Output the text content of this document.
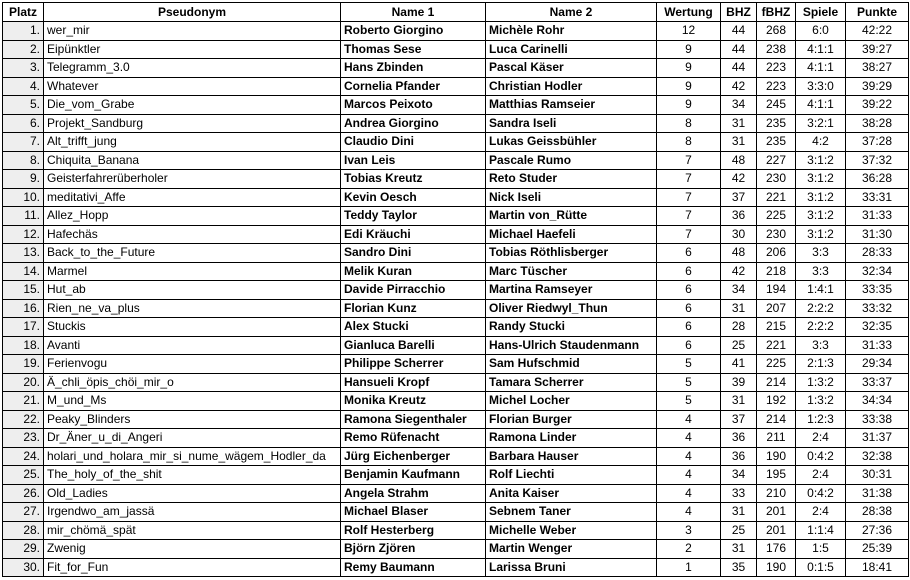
Platz	Pseudonym	Name 1	Name 2	Wertung	BHZ	fBHZ	Spiele	Punkte
1.	wer_mir	Roberto Giorgino	Michèle Rohr	12	44	268	6:0	42:22
2.	Eipünktler	Thomas Sese	Luca Carinelli	9	44	238	4:1:1	39:27
3.	Telegramm_3.0	Hans Zbinden	Pascal Käser	9	44	223	4:1:1	38:27
4.	Whatever	Cornelia Pfander	Christian Hodler	9	42	223	3:3:0	39:29
5.	Die_vom_Grabe	Marcos Peixoto	Matthias Ramseier	9	34	245	4:1:1	39:22
6.	Projekt_Sandburg	Andrea Giorgino	Sandra Iseli	8	31	235	3:2:1	38:28
7.	Alt_trifft_jung	Claudio Dini	Lukas Geissbühler	8	31	235	4:2	37:28
8.	Chiquita_Banana	Ivan Leis	Pascale Rumo	7	48	227	3:1:2	37:32
9.	Geisterfahrerüberholer	Tobias Kreutz	Reto Studer	7	42	230	3:1:2	36:28
10.	meditativi_Affe	Kevin Oesch	Nick Iseli	7	37	221	3:1:2	33:31
11.	Allez_Hopp	Teddy Taylor	Martin von_Rütte	7	36	225	3:1:2	31:33
12.	Hafechäs	Edi Kräuchi	Michael Haefeli	7	30	230	3:1:2	31:30
13.	Back_to_the_Future	Sandro Dini	Tobias Röthlisberger	6	48	206	3:3	28:33
14.	Marmel	Melik Kuran	Marc Tüscher	6	42	218	3:3	32:34
15.	Hut_ab	Davide Pirracchio	Martina Ramseyer	6	34	194	1:4:1	33:35
16.	Rien_ne_va_plus	Florian Kunz	Oliver Riedwyl_Thun	6	31	207	2:2:2	33:32
17.	Stuckis	Alex Stucki	Randy Stucki	6	28	215	2:2:2	32:35
18.	Avanti	Gianluca Barelli	Hans-Ulrich Staudenmann	6	25	221	3:3	31:33
19.	Ferienvogu	Philippe Scherrer	Sam Hufschmid	5	41	225	2:1:3	29:34
20.	Ä_chli_öpis_chöi_mir_o	Hansueli Kropf	Tamara Scherrer	5	39	214	1:3:2	33:37
21.	M_und_Ms	Monika Kreutz	Michel Locher	5	31	192	1:3:2	34:34
22.	Peaky_Blinders	Ramona Siegenthaler	Florian Burger	4	37	214	1:2:3	33:38
23.	Dr_Äner_u_di_Angeri	Remo Rüfenacht	Ramona Linder	4	36	211	2:4	31:37
24.	holari_und_holara_mir_si_nume_wägem_Hodler_da	Jürg Eichenberger	Barbara Hauser	4	36	190	0:4:2	32:38
25.	The_holy_of_the_shit	Benjamin Kaufmann	Rolf Liechti	4	34	195	2:4	30:31
26.	Old_Ladies	Angela Strahm	Anita Kaiser	4	33	210	0:4:2	31:38
27.	Irgendwo_am_jassä	Michael Blaser	Sebnem Taner	4	31	201	2:4	28:38
28.	mir_chömä_spät	Rolf Hesterberg	Michelle Weber	3	25	201	1:1:4	27:36
29.	Zwenig	Björn Zjören	Martin Wenger	2	31	176	1:5	25:39
30.	Fit_for_Fun	Remy Baumann	Larissa Bruni	1	35	190	0:1:5	18:41
